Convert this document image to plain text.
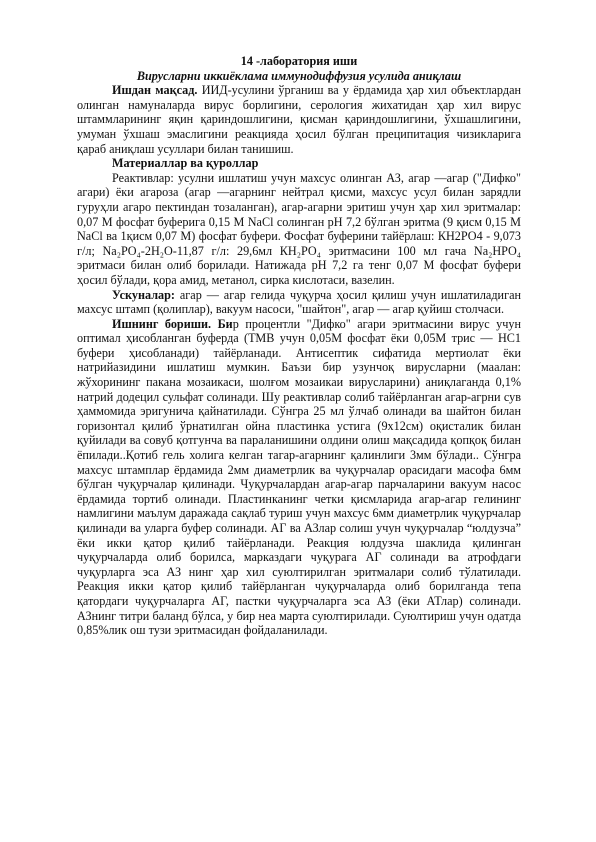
14 -лаборатория иши
Вирусларни иккиёклама иммунодиффузия усулида аниқлаш

Ишдан мақсад. ИИД-усулини ўрганиш ва у ёрдамида ҳар хил объектлардан олинган намуналарда вирус борлигини, серология жихатидан ҳар хил вирус штаммларининг яқин қариндошлигини, қисман қариндошлигини, ўхшашлигини, умуман ўхшаш эмаслигини реакцияда ҳосил бўлган преципитация чизикларига қараб аниқлаш усуллари билан танишиш.

Материаллар ва қуроллар

Реактивлар: усулни ишлатиш учун махсус олинган АЗ, агар —агар ("Дифко" агари) ёки агароза (агар —агарнинг нейтрал қисми, махсус усул билан зарядли гуруҳли агаро пектиндан тозаланган), агар-агарни эритиш учун ҳар хил эритмалар: 0,07 М фосфат буферига 0,15 М NaCl солинган pH 7,2 бўлган эритма (9 қисм 0,15 М NaCl ва 1қисм 0,07 М) фосфат буфери. Фосфат буферини тайёрлаш: КН2РО4 - 9,073 г/л; Na₂PO₄-2H₂O-11,87 г/л: 29,6мл КН₂РО₄ эритмасини 100 мл гача Na₂HPO₄ эритмаси билан олиб борилади. Натижада pH 7,2 га тенг 0,07 М фосфат буфери ҳосил бўлади, қора амид, метанол, сирка кислотаси, вазелин.

Ускуналар: агар — агар гелида чуқурча ҳосил қилиш учун ишлатиладиган махсус штамп (қолиплар), вакуум насоси, "шайтон", агар — агар қуйиш столчаси.

Ишнинг бориши. Бир процентли "Дифко" агари эритмасини вирус учун оптимал ҳисобланган буферда (ТМВ учун 0,05М фосфат ёки 0,05М трис — НС1 буфери ҳисобланади) тайёрланади. Антисептик сифатида мертиолат ёки натрийазидини ишлатиш мумкин. Баъзи бир узунчоқ вирусларни (маалан: жўхорининг пакана мозаикаси, шолғом мозаикаи вирусларини) аниқлаганда 0,1% натрий додецил сульфат солинади. Шу реактивлар солиб тайёрланган агар-агрни сув ҳаммомида эригунича қайнатилади. Сўнгра 25 мл ўлчаб олинади ва шайтон билан горизонтал қилиб ўрнатилган ойна пластинка устига (9х12см) оқисталик билан қуйилади ва совуб қотгунча ва параланишини олдини олиш мақсадида қопқоқ билан ёпилади..Қотиб гель холига келган тагар-агарнинг қалинлиги 3мм бўлади.. Сўнгра махсус штамплар ёрдамида 2мм диаметрлик ва чуқурчалар орасидаги масофа 6мм бўлган чуқурчалар қилинади. Чуқурчалардан агар-агар парчаларини вакуум насос ёрдамида тортиб олинади. Пластинканинг четки қисмларида агар-агар гелининг намлигини маълум даражада сақлаб туриш учун махсус 6мм диаметрлик чуқурчалар қилинади ва уларга буфер солинади. АГ ва АЗлар солиш учун чуқурчалар “юлдузча” ёки икки қатор қилиб тайёрланади. Реакция юлдузча шаклида қилинган чуқурчаларда олиб борилса, марказдаги чуқурага АГ солинади ва атрофдаги чуқурларга эса АЗ нинг ҳар хил суюлтирилган эритмалари солиб тўлатилади. Реакция икки қатор қилиб тайёрланган чуқурчаларда олиб борилганда тепа қатордаги чуқурчаларга АГ, пастки чуқурчаларга эса АЗ (ёки АТлар) солинади. АЗнинг титри баланд бўлса, у бир неа марта суюлтирилади. Суюлтириш учун одатда 0,85%лик ош тузи эритмасидан фойдаланилади.
